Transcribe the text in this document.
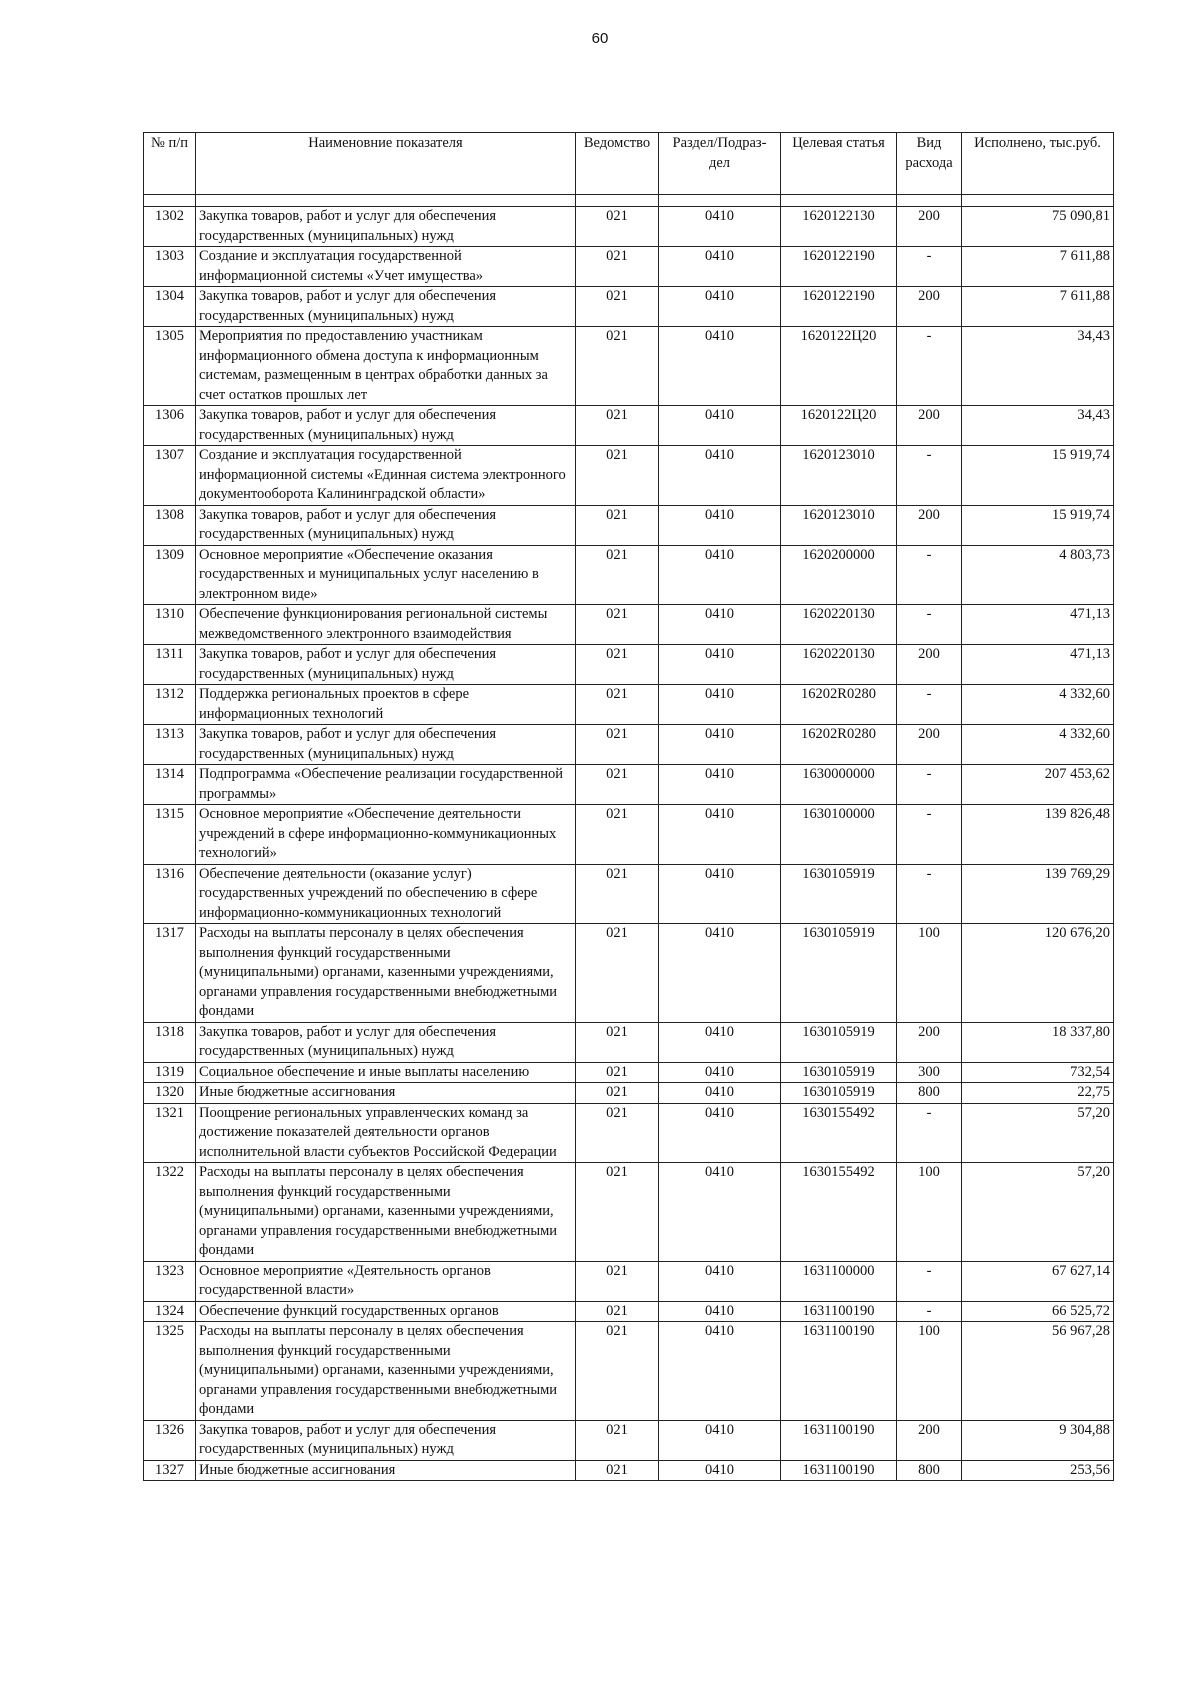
60
№ п/п	Наименовние показателя	Ведомство	Раздел/Подраз-дел	Целевая статья	Вид расхода	Исполнено, тыс.руб.

1302	Закупка товаров, работ и услуг для обеспечения государственных (муниципальных) нужд	021	0410	1620122130	200	75 090,81
1303	Создание и эксплуатация государственной информационной системы «Учет имущества»	021	0410	1620122190	-	7 611,88
1304	Закупка товаров, работ и услуг для обеспечения государственных (муниципальных) нужд	021	0410	1620122190	200	7 611,88
1305	Мероприятия по предоставлению участникам информационного обмена доступа к информационным системам, размещенным в центрах обработки данных за счет остатков прошлых лет	021	0410	1620122Ц20	-	34,43
1306	Закупка товаров, работ и услуг для обеспечения государственных (муниципальных) нужд	021	0410	1620122Ц20	200	34,43
1307	Создание и эксплуатация государственной информационной системы «Единная система электронного документооборота Калининградской области»	021	0410	1620123010	-	15 919,74
1308	Закупка товаров, работ и услуг для обеспечения государственных (муниципальных) нужд	021	0410	1620123010	200	15 919,74
1309	Основное мероприятие «Обеспечение оказания государственных и муниципальных услуг населению в электронном виде»	021	0410	1620200000	-	4 803,73
1310	Обеспечение функционирования региональной системы межведомственного электронного взаимодействия	021	0410	1620220130	-	471,13
1311	Закупка товаров, работ и услуг для обеспечения государственных (муниципальных) нужд	021	0410	1620220130	200	471,13
1312	Поддержка региональных проектов в сфере информационных технологий	021	0410	16202R0280	-	4 332,60
1313	Закупка товаров, работ и услуг для обеспечения государственных (муниципальных) нужд	021	0410	16202R0280	200	4 332,60
1314	Подпрограмма «Обеспечение реализации государственной программы»	021	0410	1630000000	-	207 453,62
1315	Основное мероприятие «Обеспечение деятельности учреждений в сфере информационно-коммуникационных технологий»	021	0410	1630100000	-	139 826,48
1316	Обеспечение деятельности (оказание услуг) государственных учреждений по обеспечению в сфере информационно-коммуникационных технологий	021	0410	1630105919	-	139 769,29
1317	Расходы на выплаты персоналу в целях обеспечения выполнения функций государственными (муниципальными) органами, казенными учреждениями, органами управления государственными внебюджетными фондами	021	0410	1630105919	100	120 676,20
1318	Закупка товаров, работ и услуг для обеспечения государственных (муниципальных) нужд	021	0410	1630105919	200	18 337,80
1319	Социальное обеспечение и иные выплаты населению	021	0410	1630105919	300	732,54
1320	Иные бюджетные ассигнования	021	0410	1630105919	800	22,75
1321	Поощрение региональных управленческих команд за достижение показателей деятельности органов исполнительной власти субъектов Российской Федерации	021	0410	1630155492	-	57,20
1322	Расходы на выплаты персоналу в целях обеспечения выполнения функций государственными (муниципальными) органами, казенными учреждениями, органами управления государственными внебюджетными фондами	021	0410	1630155492	100	57,20
1323	Основное мероприятие «Деятельность органов государственной власти»	021	0410	1631100000	-	67 627,14
1324	Обеспечение функций государственных органов	021	0410	1631100190	-	66 525,72
1325	Расходы на выплаты персоналу в целях обеспечения выполнения функций государственными (муниципальными) органами, казенными учреждениями, органами управления государственными внебюджетными фондами	021	0410	1631100190	100	56 967,28
1326	Закупка товаров, работ и услуг для обеспечения государственных (муниципальных) нужд	021	0410	1631100190	200	9 304,88
1327	Иные бюджетные ассигнования	021	0410	1631100190	800	253,56
